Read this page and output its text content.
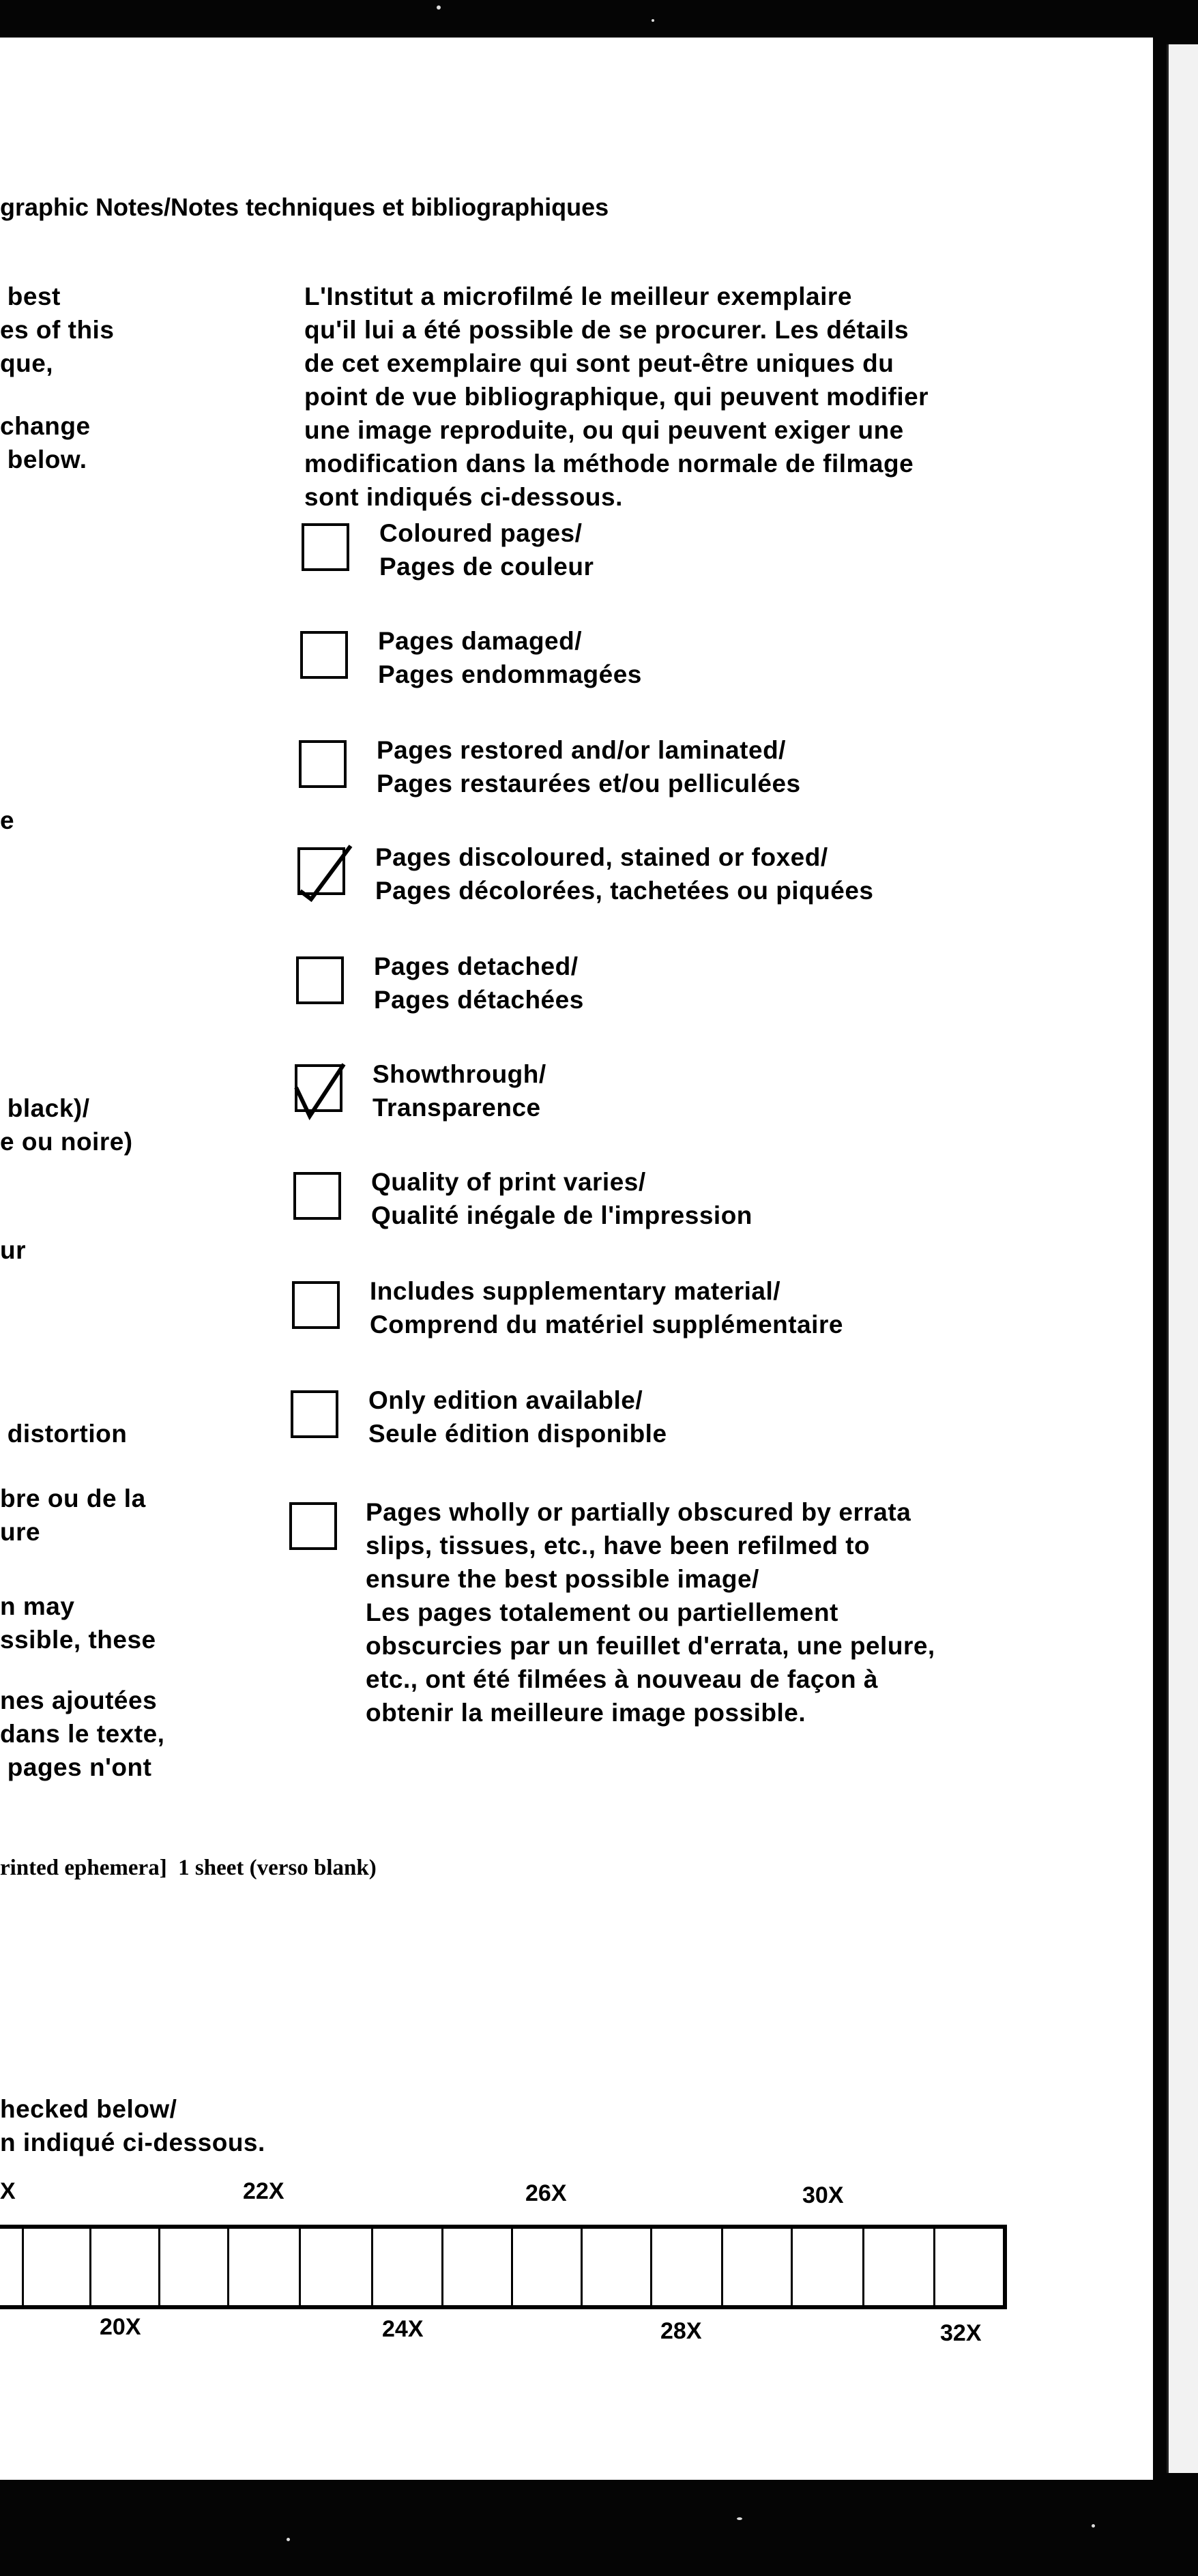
graphic Notes/Notes techniques et bibliographiques
best
es of this
que,
change
below.
e
black)/
e ou noire)
ur
distortion
bre ou de la
ure
n may
ssible, these
nes ajoutées
dans le texte,
pages n'ont
L'Institut a microfilmé le meilleur exemplaire
qu'il lui a été possible de se procurer. Les détails
de cet exemplaire qui sont peut-être uniques du
point de vue bibliographique, qui peuvent modifier
une image reproduite, ou qui peuvent exiger une
modification dans la méthode normale de filmage
sont indiqués ci-dessous.
Coloured pages/
Pages de couleur
Pages damaged/
Pages endommagées
Pages restored and/or laminated/
Pages restaurées et/ou pelliculées
Pages discoloured, stained or foxed/
Pages décolorées, tachetées ou piquées
Pages detached/
Pages détachées
Showthrough/
Transparence
Quality of print varies/
Qualité inégale de l'impression
Includes supplementary material/
Comprend du matériel supplémentaire
Only edition available/
Seule édition disponible
Pages wholly or partially obscured by errata
slips, tissues, etc., have been refilmed to
ensure the best possible image/
Les pages totalement ou partiellement
obscurcies par un feuillet d'errata, une pelure,
etc., ont été filmées à nouveau de façon à
obtenir la meilleure image possible.
rinted ephemera]  1 sheet (verso blank)
hecked below/
n indiqué ci-dessous.
X	22X	26X	30X
20X	24X	28X	32X
